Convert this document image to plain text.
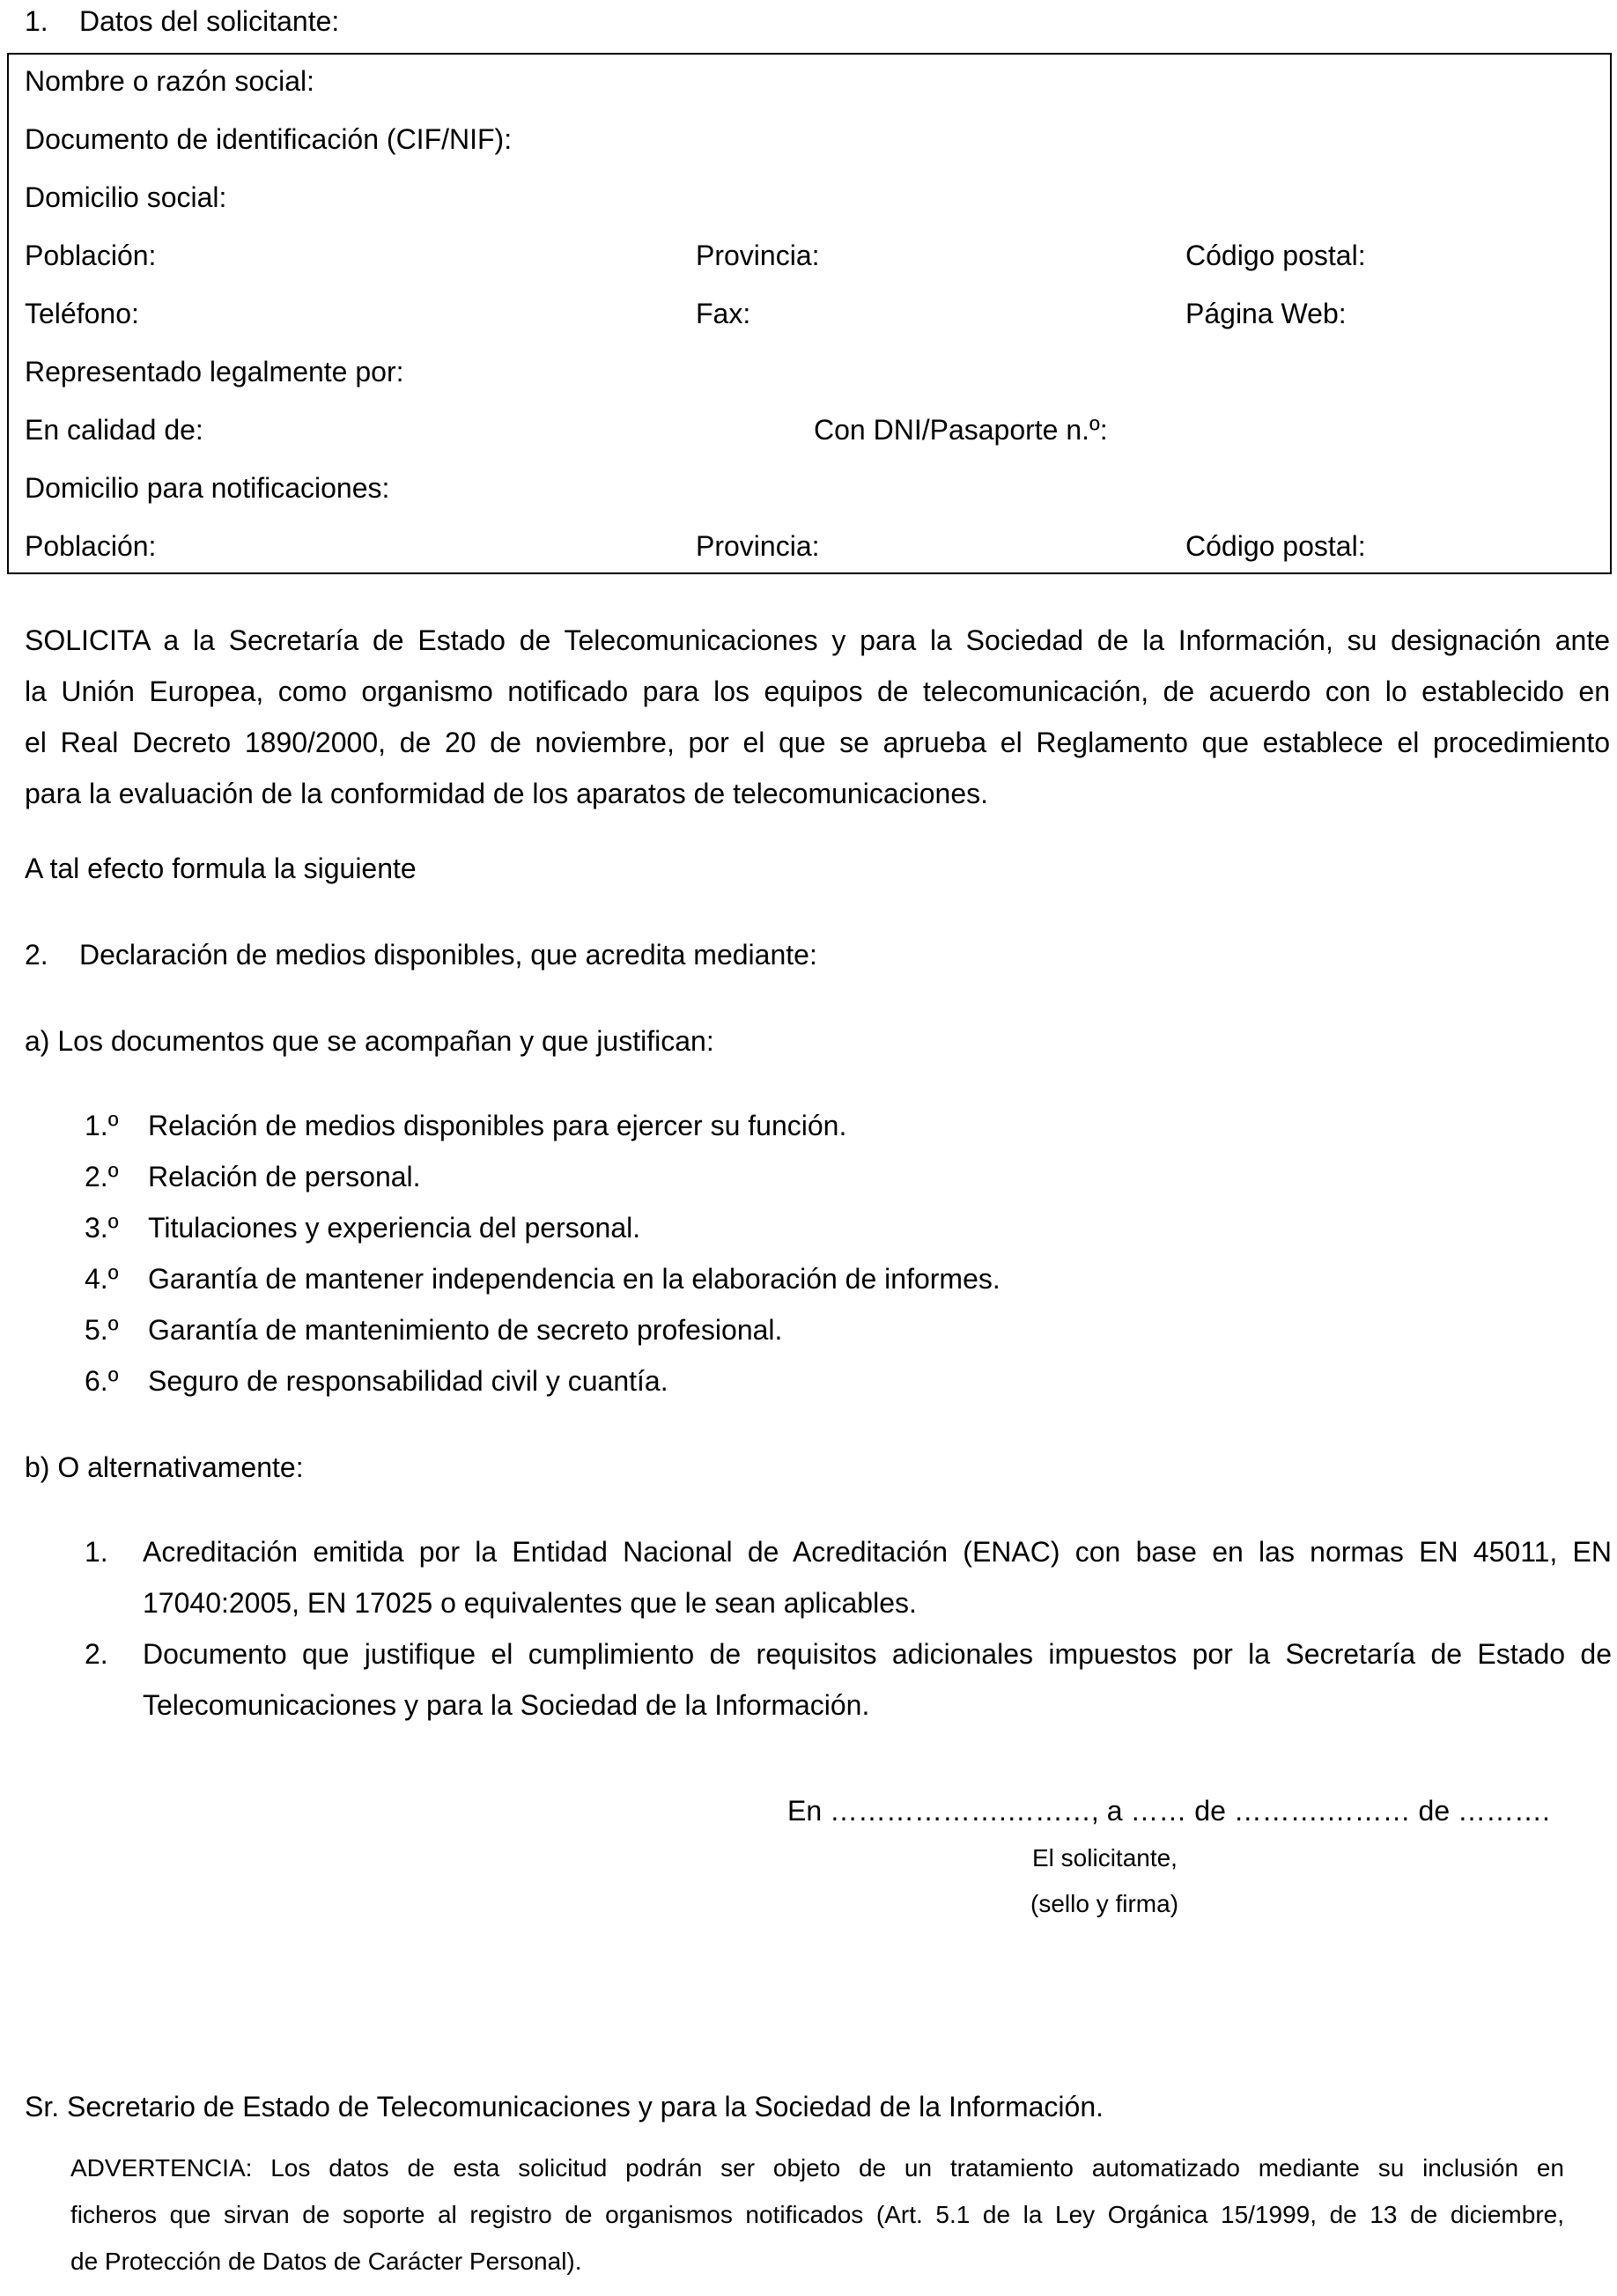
1. Datos del solicitante:
Nombre o razón social:
Documento de identificación (CIF/NIF):
Domicilio social:
Población:	Provincia:	Código postal:
Teléfono:	Fax:	Página Web:
Representado legalmente por:
En calidad de:	Con DNI/Pasaporte n.º:
Domicilio para notificaciones:
Población:	Provincia:	Código postal:
SOLICITA a la Secretaría de Estado de Telecomunicaciones y para la Sociedad de la Información, su designación ante
la Unión Europea, como organismo notificado para los equipos de telecomunicación, de acuerdo con lo establecido en
el Real Decreto 1890/2000, de 20 de noviembre, por el que se aprueba el Reglamento que establece el procedimiento
para la evaluación de la conformidad de los aparatos de telecomunicaciones.
A tal efecto formula la siguiente
2. Declaración de medios disponibles, que acredita mediante:
a) Los documentos que se acompañan y que justifican:
1.º Relación de medios disponibles para ejercer su función.
2.º Relación de personal.
3.º Titulaciones y experiencia del personal.
4.º Garantía de mantener independencia en la elaboración de informes.
5.º Garantía de mantenimiento de secreto profesional.
6.º Seguro de responsabilidad civil y cuantía.
b) O alternativamente:
1. Acreditación emitida por la Entidad Nacional de Acreditación (ENAC) con base en las normas EN 45011, EN
17040:2005, EN 17025 o equivalentes que le sean aplicables.
2. Documento que justifique el cumplimiento de requisitos adicionales impuestos por la Secretaría de Estado de
Telecomunicaciones y para la Sociedad de la Información.
En ……………….………, a …… de ……….……… de ……….
El solicitante,
(sello y firma)
Sr. Secretario de Estado de Telecomunicaciones y para la Sociedad de la Información.
ADVERTENCIA: Los datos de esta solicitud podrán ser objeto de un tratamiento automatizado mediante su inclusión en
ficheros que sirvan de soporte al registro de organismos notificados (Art. 5.1 de la Ley Orgánica 15/1999, de 13 de diciembre,
de Protección de Datos de Carácter Personal).
